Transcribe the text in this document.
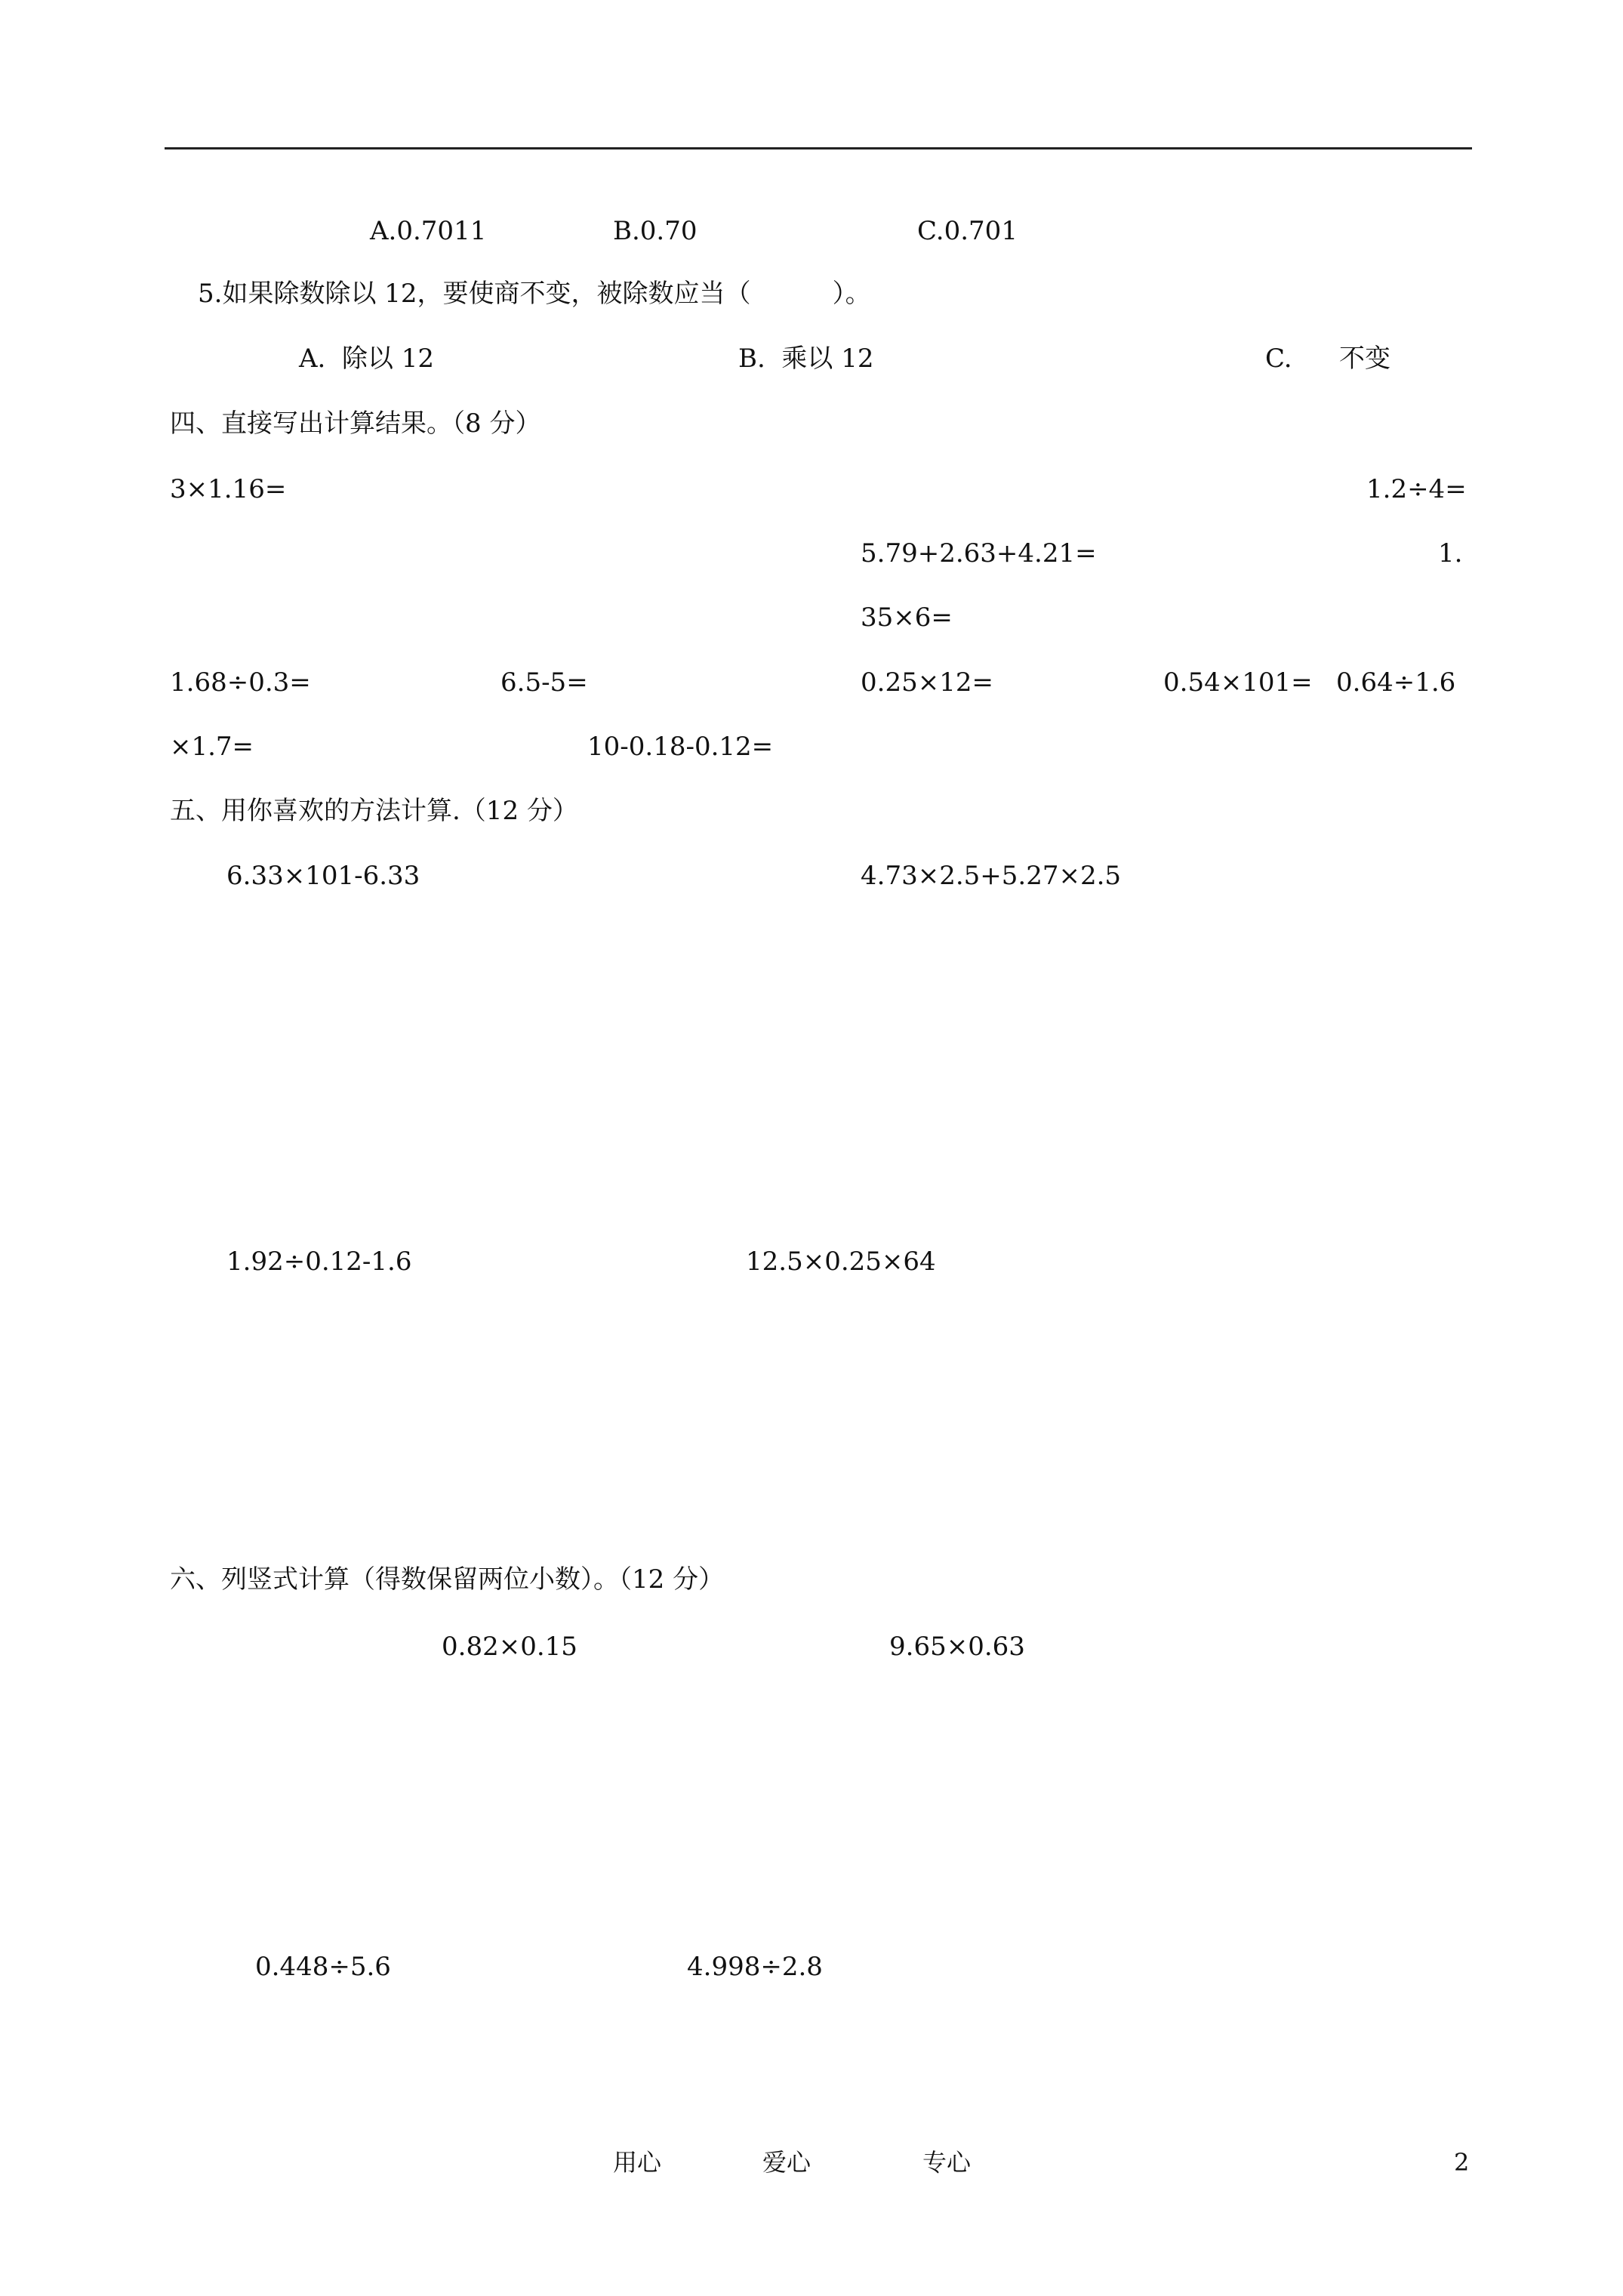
A.0.7011	B.0.70	C.0.701
5.如果除数除以 12，要使商不变，被除数应当（          ）。
A.  除以 12	B.  乘以 12	C. 不变
四、直接写出计算结果。（8 分）
3×1.16=	1.2÷4=
5.79+2.63+4.21=	1.
35×6=
1.68÷0.3=	6.5-5=	0.25×12=	0.54×101= 0.64÷1.6
×1.7=	10-0.18-0.12=
五、用你喜欢的方法计算.（12 分）
6.33×101-6.33	4.73×2.5+5.27×2.5
1.92÷0.12-1.6	12.5×0.25×64
六、列竖式计算（得数保留两位小数）。（12 分）
0.82×0.15	9.65×0.63
0.448÷5.6	4.998÷2.8
用心	爱心	专心	2
